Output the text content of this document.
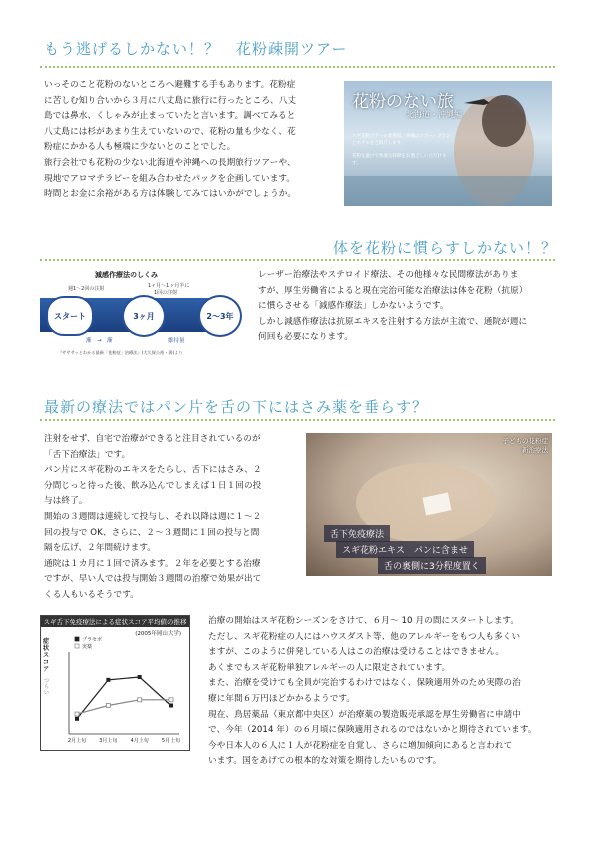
もう逃げるしかない！？　花粉疎開ツアー

いっそのこと花粉のないところへ避難する手もあります。花粉症

に苦しむ知り合いから３月に八丈島に旅行に行ったところ、八丈

島では鼻水、くしゃみが止まっていたと言います。調べてみると

八丈島には杉があまり生えていないので、花粉の量も少なく、花

粉症にかかる人も極端に少ないとのことでした。

旅行会社でも花粉の少ない北海道や沖縄への長期旅行ツアーや、

現地でアロマテラピーを組み合わせたパックを企画しています。

時間とお金に余裕がある方は体験してみてはいかがでしょうか。

花粉のない旅
北海道・沖縄編
スギ花粉ツアーの北海道、沖縄のツアー・プランとホテルをご紹介します。
花粉を避けて快適な時間をお過ごしいただけます。
体を花粉に慣らすしかない！？
減感作療法のしくみ
週1〜2回の注射	1ヶ月〜1ヶ月半に
1回の注射
スタート	3ヶ月	2〜3年
漸　→　漸	維持量
『サササッとわかる最新「花粉症」治療法』(大久保公裕・著)より

レーザー治療法やステロイド療法、その他様々な民間療法がありま

すが、厚生労働省によると現在完治可能な治療法は体を花粉（抗原）

に慣らさせる「減感作療法」しかないようです。

しかし減感作療法は抗原エキスを注射する方法が主流で、通院が週に

何回も必要になります。

最新の療法ではパン片を舌の下にはさみ薬を垂らす？

注射をせず、自宅で治療ができると注目されているのが

「舌下治療法」です。

パン片にスギ花粉のエキスをたらし、舌下にはさみ、２

分間じっと待った後、飲み込んでしまえば１日１回の投

与は終了。

開始の３週間は連続して投与し、それ以降は週に１〜２

回の投与で OK、さらに、２〜３週間に１回の投与と間

隔を広げ、２年間続けます。

通院は１カ月に１回で済みます。２年を必要とする治療

ですが、早い人では投与開始３週間の治療で効果が出て

くる人もいるそうです。

子どもの花粉症
新治療法
舌下免疫療法
スギ花粉エキス　パンに含ませ
舌の裏側に3分程度置く
スギ舌下免疫療法による症状スコア平均値の推移
(2005年岡山大学)
症状スコア
つらい
2月上旬	3月上旬	4月上旬	5月上旬
プラセボ
実薬

治療の開始はスギ花粉シーズンをさけて、６月〜 10 月の間にスタートします。

ただし、スギ花粉症の人にはハウスダスト等、他のアレルギーをもつ人も多くい

ますが、このように併発している人はこの治療は受けることはできません。

あくまでもスギ花粉単独アレルギーの人に限定されています。

また、治療を受けても全員が完治するわけではなく、保険適用外のため実際の治

療に年間６万円ほどかかるようです。

現在、鳥居薬品（東京都中央区）が治療薬の製造販売承認を厚生労働省に申請中

で、今年（2014 年）の６月頃に保険適用されるのではないかと期待されています。

今や日本人の６人に１人が花粉症を自覚し、さらに増加傾向にあると言われて

います。国をあげての根本的な対策を期待したいものです。
